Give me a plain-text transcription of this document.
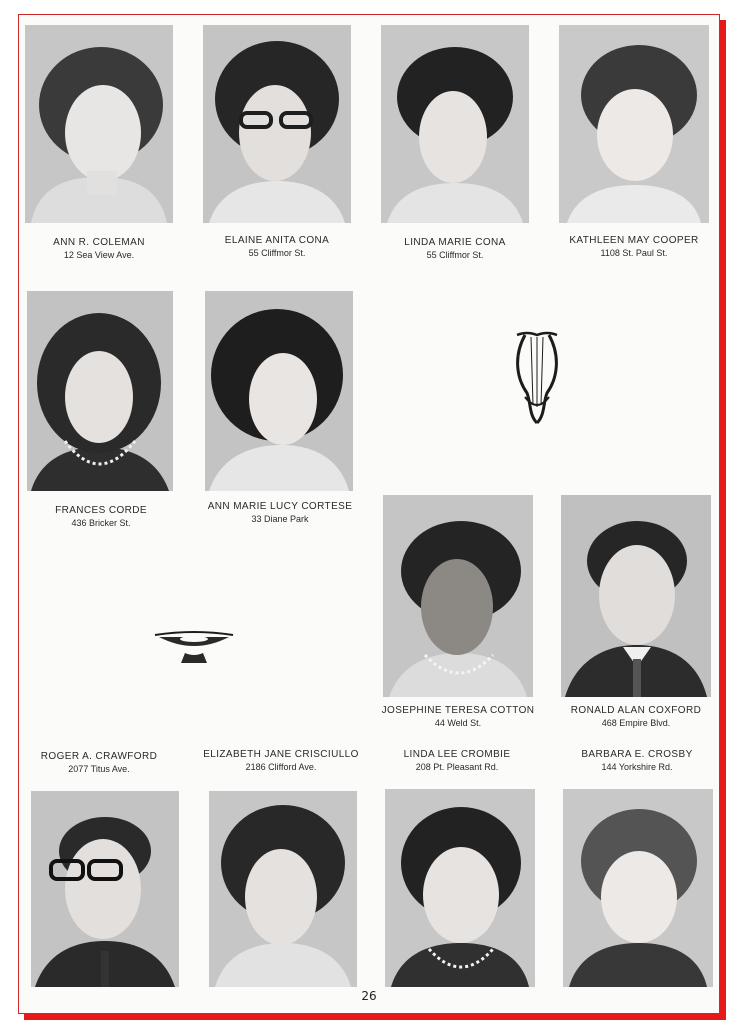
ANN R. COLEMAN
12 Sea View Ave.
ELAINE ANITA CONA
55 Cliffmor St.
LINDA MARIE CONA
55 Cliffmor St.
KATHLEEN MAY COOPER
1108 St. Paul St.
FRANCES CORDE
436 Bricker St.
ANN MARIE LUCY CORTESE
33 Diane Park
JOSEPHINE TERESA COTTON
44 Weld St.
RONALD ALAN COXFORD
468 Empire Blvd.
ROGER A. CRAWFORD
2077 Titus Ave.
ELIZABETH JANE CRISCIULLO
2186 Clifford Ave.
LINDA LEE CROMBIE
208 Pt. Pleasant Rd.
BARBARA E. CROSBY
144 Yorkshire Rd.
26
